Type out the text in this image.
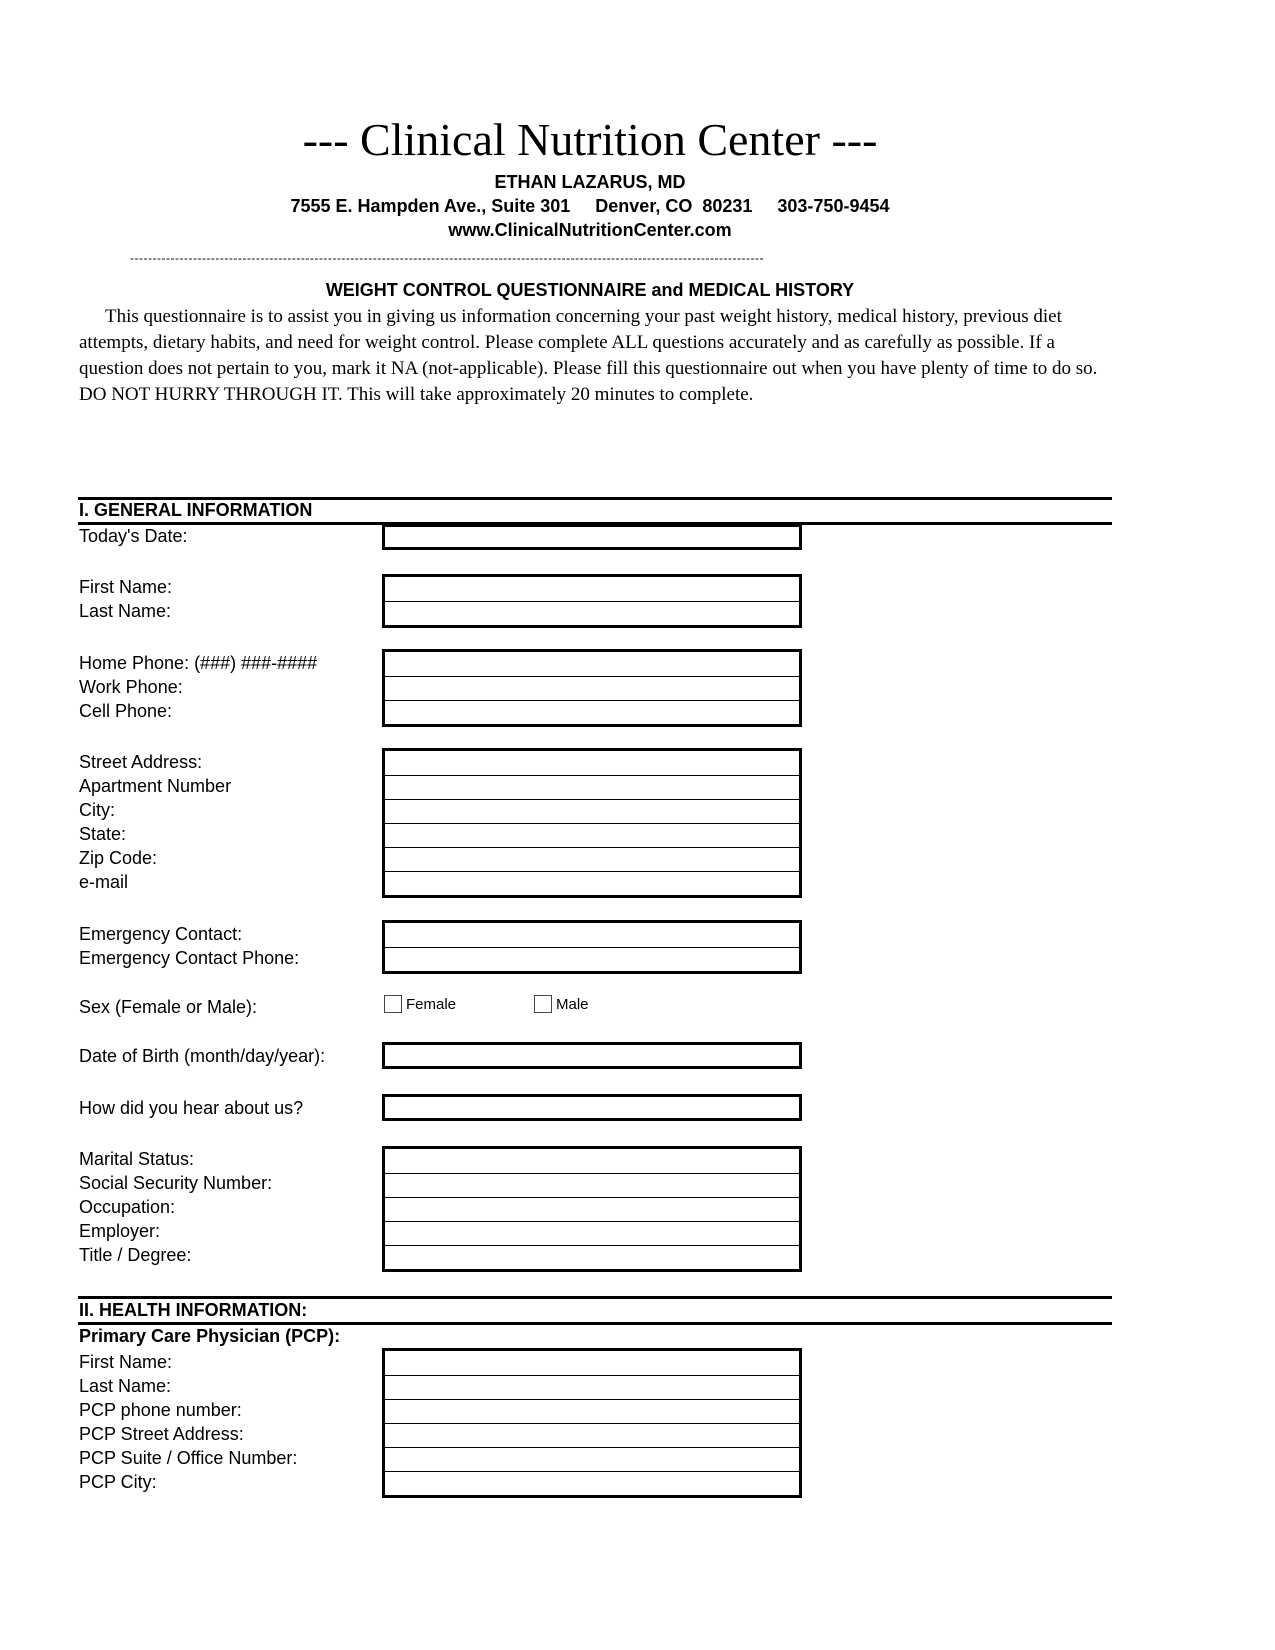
--- Clinical Nutrition Center ---
ETHAN LAZARUS, MD
7555 E. Hampden Ave., Suite 301     Denver, CO  80231     303-750-9454
www.ClinicalNutritionCenter.com
---------------------------------------------------------------------------------------------------------------------------------------------
WEIGHT CONTROL QUESTIONNAIRE and MEDICAL HISTORY
This questionnaire is to assist you in giving us information concerning your past weight history, medical history, previous diet attempts, dietary habits, and need for weight control. Please complete ALL questions accurately and as carefully as possible. If a question does not pertain to you, mark it NA (not-applicable). Please fill this questionnaire out when you have plenty of time to do so. DO NOT HURRY THROUGH IT. This will take approximately 20 minutes to complete.
I. GENERAL INFORMATION
Today's Date:
First Name:
Last Name:
Home Phone: (###) ###-####
Work Phone:
Cell Phone:
Street Address:
Apartment Number
City:
State:
Zip Code:
e-mail
Emergency Contact:
Emergency Contact Phone:
Sex (Female or Male):	Female	Male
Date of Birth (month/day/year):
How did you hear about us?
Marital Status:
Social Security Number:
Occupation:
Employer:
Title / Degree:
II. HEALTH INFORMATION:
Primary Care Physician (PCP):
First Name:
Last Name:
PCP phone number:
PCP Street Address:
PCP Suite / Office Number:
PCP City:
